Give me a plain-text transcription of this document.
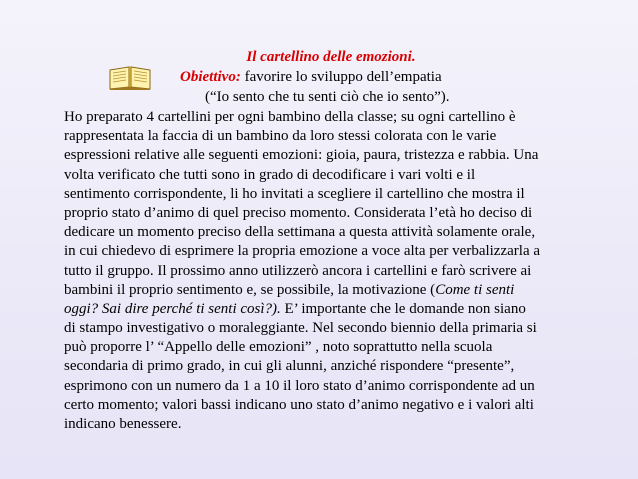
Il cartellino delle emozioni.
Obiettivo: favorire lo sviluppo dell’empatia
(“Io sento che tu senti ciò che io sento”).
Ho preparato 4 cartellini per ogni bambino della classe; su ogni cartellino è
rappresentata la faccia di un bambino da loro stessi colorata con le varie
espressioni relative alle seguenti emozioni: gioia, paura, tristezza e rabbia. Una
volta verificato che tutti sono in grado di decodificare i vari volti e il
sentimento corrispondente, li ho invitati a scegliere il cartellino che mostra il
proprio stato d’animo di quel preciso momento. Considerata l’età ho deciso di
dedicare un momento preciso della settimana a questa attività solamente orale,
in cui chiedevo di esprimere la propria emozione a voce alta per verbalizzarla a
tutto il gruppo. Il prossimo anno utilizzerò ancora i cartellini e farò scrivere ai
bambini il proprio sentimento e, se possibile, la motivazione (Come ti senti
oggi? Sai dire perché ti senti così?). E’ importante che le domande non siano
di stampo investigativo o moraleggiante. Nel secondo biennio della primaria si
può proporre l’ “Appello delle emozioni” , noto soprattutto nella scuola
secondaria di primo grado, in cui gli alunni, anziché rispondere “presente”,
esprimono con un numero da 1 a 10 il loro stato d’animo corrispondente ad un
certo momento; valori bassi indicano uno stato d’animo negativo e i valori alti
indicano benessere.
